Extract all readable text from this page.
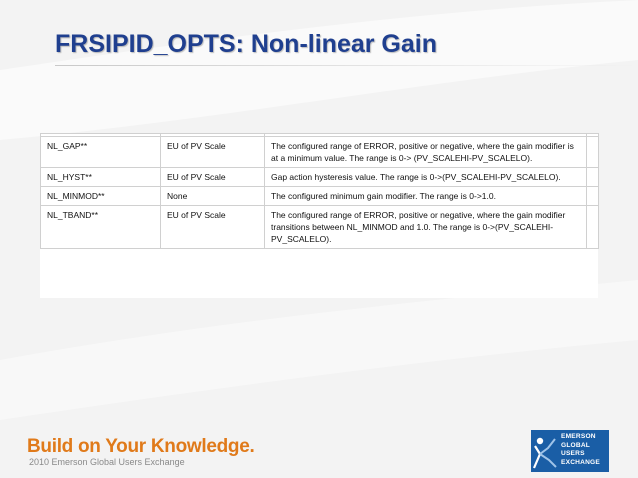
FRSIPID_OPTS: Non-linear Gain

NL_GAP**	EU of PV Scale	The configured range of ERROR, positive or negative, where the gain modifier is at a minimum value. The range is 0-> (PV_SCALEHI-PV_SCALELO).	
NL_HYST**	EU of PV Scale	Gap action hysteresis value. The range is 0->(PV_SCALEHI-PV_SCALELO).	
NL_MINMOD**	None	The configured minimum gain modifier. The range is 0->1.0.	
NL_TBAND**	EU of PV Scale	The configured range of ERROR, positive or negative, where the gain modifier transitions between NL_MINMOD and 1.0. The range is 0->(PV_SCALEHI-PV_SCALELO).	
Build on Your Knowledge.
2010 Emerson Global Users Exchange
EMERSON
GLOBAL
USERS
EXCHANGE
